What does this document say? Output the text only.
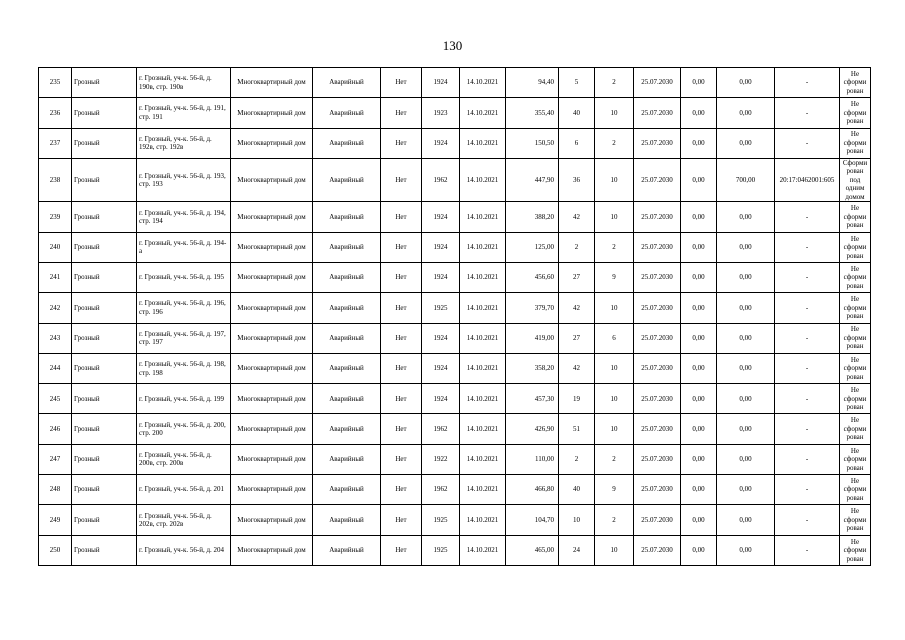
130
235	Грозный	г. Грозный, уч-к. 56-й, д. 190в, стр. 190в	Многоквартирный дом	Аварийный	Нет	1924	14.10.2021	94,40	5	2	25.07.2030	0,00	0,00	-	Не сформирован
236	Грозный	г. Грозный, уч-к. 56-й, д. 191, стр. 191	Многоквартирный дом	Аварийный	Нет	1923	14.10.2021	355,40	40	10	25.07.2030	0,00	0,00	-	Не сформирован
237	Грозный	г. Грозный, уч-к. 56-й, д. 192в, стр. 192в	Многоквартирный дом	Аварийный	Нет	1924	14.10.2021	150,50	6	2	25.07.2030	0,00	0,00	-	Не сформирован
238	Грозный	г. Грозный, уч-к. 56-й, д. 193, стр. 193	Многоквартирный дом	Аварийный	Нет	1962	14.10.2021	447,90	36	10	25.07.2030	0,00	700,00	20:17:0462001:605	Сформирован под одним домом
239	Грозный	г. Грозный, уч-к. 56-й, д. 194, стр. 194	Многоквартирный дом	Аварийный	Нет	1924	14.10.2021	388,20	42	10	25.07.2030	0,00	0,00	-	Не сформирован
240	Грозный	г. Грозный, уч-к. 56-й, д. 194-а	Многоквартирный дом	Аварийный	Нет	1924	14.10.2021	125,00	2	2	25.07.2030	0,00	0,00	-	Не сформирован
241	Грозный	г. Грозный, уч-к. 56-й, д. 195	Многоквартирный дом	Аварийный	Нет	1924	14.10.2021	456,60	27	9	25.07.2030	0,00	0,00	-	Не сформирован
242	Грозный	г. Грозный, уч-к. 56-й, д. 196, стр. 196	Многоквартирный дом	Аварийный	Нет	1925	14.10.2021	379,70	42	10	25.07.2030	0,00	0,00	-	Не сформирован
243	Грозный	г. Грозный, уч-к. 56-й, д. 197, стр. 197	Многоквартирный дом	Аварийный	Нет	1924	14.10.2021	419,00	27	6	25.07.2030	0,00	0,00	-	Не сформирован
244	Грозный	г. Грозный, уч-к. 56-й, д. 198, стр. 198	Многоквартирный дом	Аварийный	Нет	1924	14.10.2021	358,20	42	10	25.07.2030	0,00	0,00	-	Не сформирован
245	Грозный	г. Грозный, уч-к. 56-й, д. 199	Многоквартирный дом	Аварийный	Нет	1924	14.10.2021	457,30	19	10	25.07.2030	0,00	0,00	-	Не сформирован
246	Грозный	г. Грозный, уч-к. 56-й, д. 200, стр. 200	Многоквартирный дом	Аварийный	Нет	1962	14.10.2021	426,90	51	10	25.07.2030	0,00	0,00	-	Не сформирован
247	Грозный	г. Грозный, уч-к. 56-й, д. 200в, стр. 200в	Многоквартирный дом	Аварийный	Нет	1922	14.10.2021	110,00	2	2	25.07.2030	0,00	0,00	-	Не сформирован
248	Грозный	г. Грозный, уч-к. 56-й, д. 201	Многоквартирный дом	Аварийный	Нет	1962	14.10.2021	466,80	40	9	25.07.2030	0,00	0,00	-	Не сформирован
249	Грозный	г. Грозный, уч-к. 56-й, д. 202в, стр. 202в	Многоквартирный дом	Аварийный	Нет	1925	14.10.2021	104,70	10	2	25.07.2030	0,00	0,00	-	Не сформирован
250	Грозный	г. Грозный, уч-к. 56-й, д. 204	Многоквартирный дом	Аварийный	Нет	1925	14.10.2021	465,00	24	10	25.07.2030	0,00	0,00	-	Не сформирован
